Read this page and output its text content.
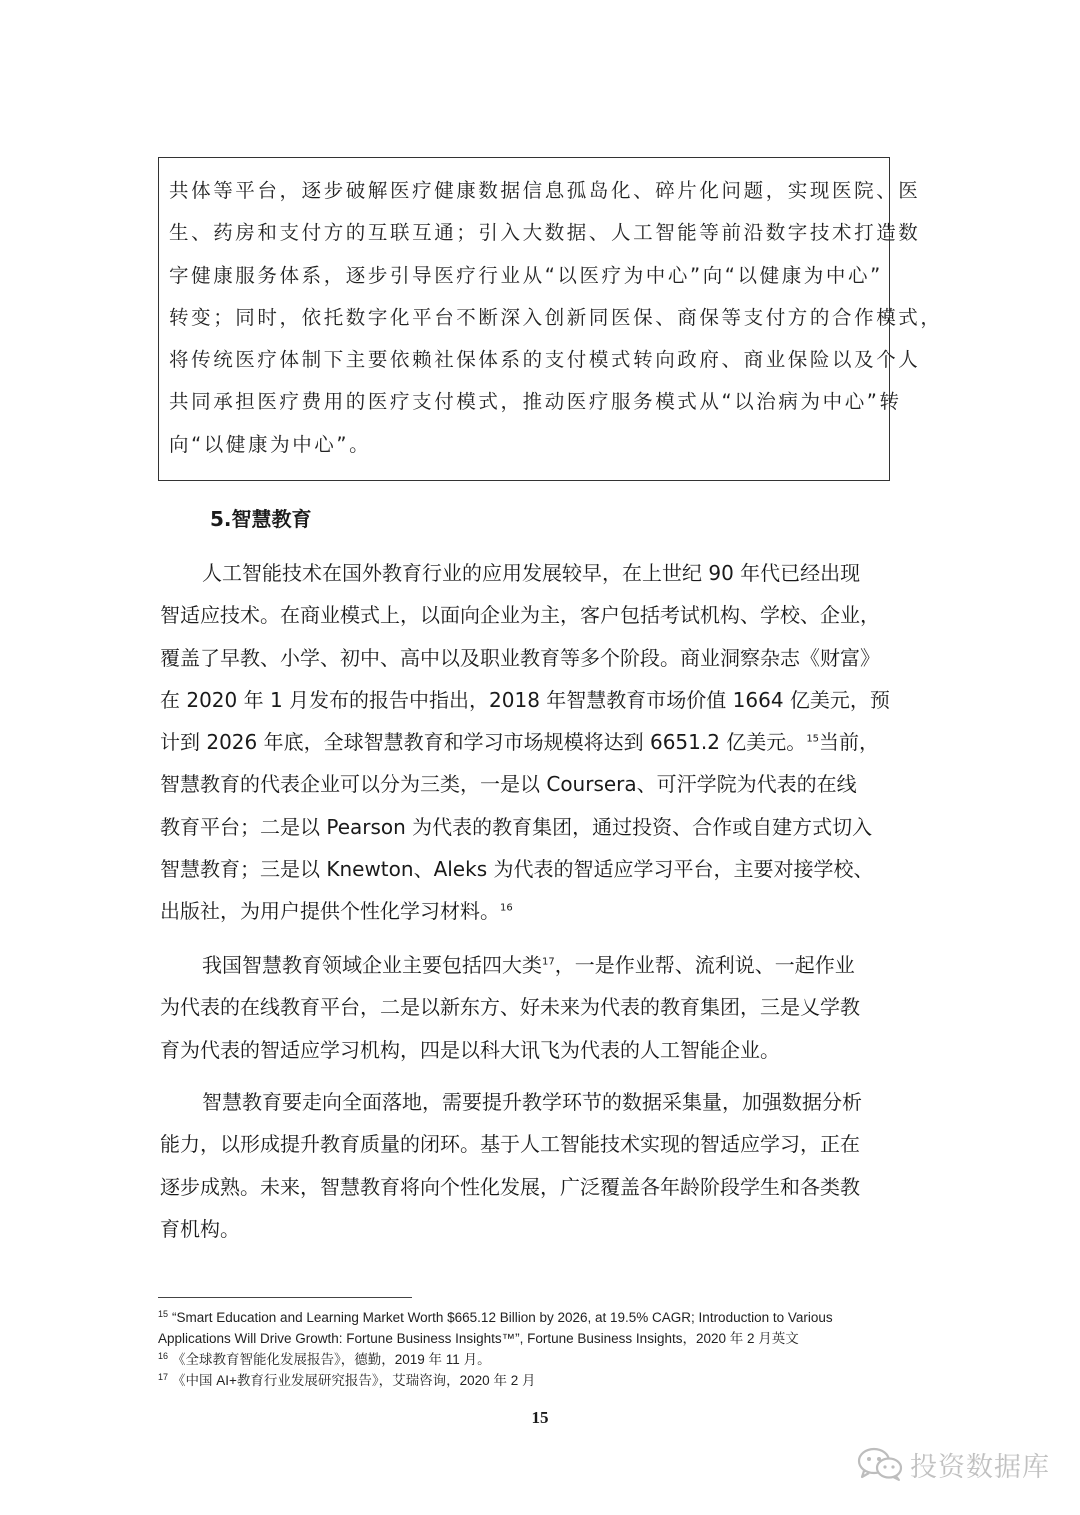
共体等平台，逐步破解医疗健康数据信息孤岛化、碎片化问题，实现医院、医
生、药房和支付方的互联互通；引入大数据、人工智能等前沿数字技术打造数
字健康服务体系，逐步引导医疗行业从“以医疗为中心”向“以健康为中心”
转变；同时，依托数字化平台不断深入创新同医保、商保等支付方的合作模式，
将传统医疗体制下主要依赖社保体系的支付模式转向政府、商业保险以及个人
共同承担医疗费用的医疗支付模式，推动医疗服务模式从“以治病为中心”转
向“以健康为中心”。
5.智慧教育
人工智能技术在国外教育行业的应用发展较早，在上世纪 90 年代已经出现
智适应技术。在商业模式上，以面向企业为主，客户包括考试机构、学校、企业，
覆盖了早教、小学、初中、高中以及职业教育等多个阶段。商业洞察杂志《财富》
在 2020 年 1 月发布的报告中指出，2018 年智慧教育市场价值 1664 亿美元，预
计到 2026 年底，全球智慧教育和学习市场规模将达到 6651.2 亿美元。$^{15}$当前，
智慧教育的代表企业可以分为三类，一是以 Coursera、可汗学院为代表的在线
教育平台；二是以 Pearson 为代表的教育集团，通过投资、合作或自建方式切入
智慧教育；三是以 Knewton、Aleks 为代表的智适应学习平台，主要对接学校、
出版社，为用户提供个性化学习材料。$^{16}$
我国智慧教育领域企业主要包括四大类$^{17}$，一是作业帮、流利说、一起作业
为代表的在线教育平台，二是以新东方、好未来为代表的教育集团，三是乂学教
育为代表的智适应学习机构，四是以科大讯飞为代表的人工智能企业。
智慧教育要走向全面落地，需要提升教学环节的数据采集量，加强数据分析
能力，以形成提升教育质量的闭环。基于人工智能技术实现的智适应学习，正在
逐步成熟。未来，智慧教育将向个性化发展，广泛覆盖各年龄阶段学生和各类教
育机构。
$^{15}$ “Smart Education and Learning Market Worth $665.12 Billion by 2026, at 19.5% CAGR; Introduction to Various
Applications Will Drive Growth: Fortune Business Insights™”, Fortune Business Insights，2020 年 2 月英文
$^{16}$ 《全球教育智能化发展报告》，德勤，2019 年 11 月。
$^{17}$ 《中国 AI+教育行业发展研究报告》，艾瑞咨询，2020 年 2 月
15
投资数据库
